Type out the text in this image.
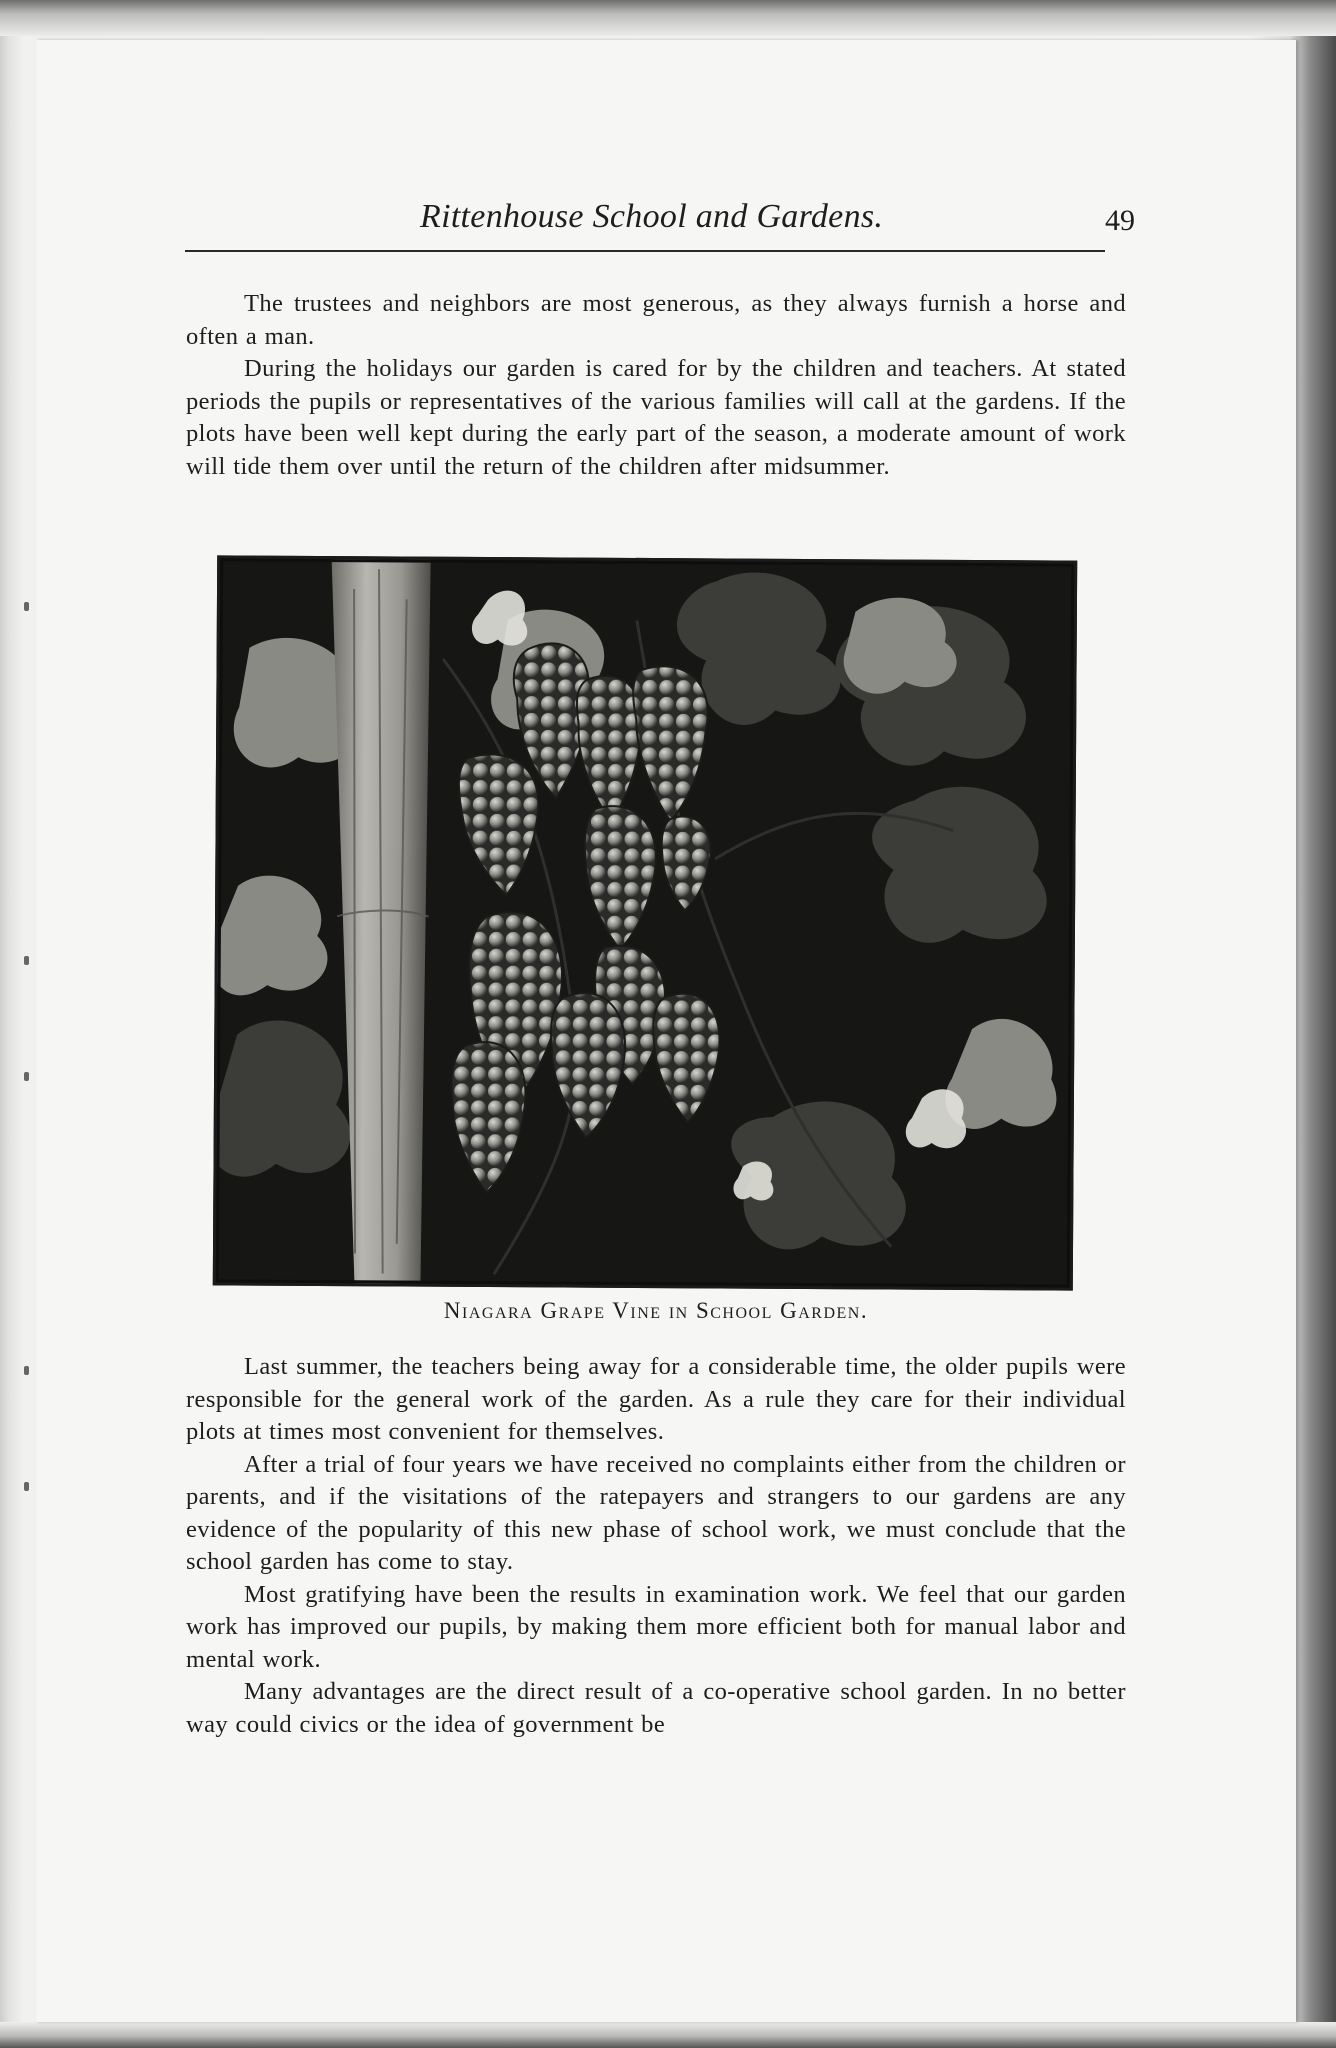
Rittenhouse School and Gardens.	49

The trustees and neighbors are most generous, as they always furnish a horse and often a man.

During the holidays our garden is cared for by the children and teachers. At stated periods the pupils or representatives of the various families will call at the gardens. If the plots have been well kept during the early part of the season, a moderate amount of work will tide them over until the return of the children after midsummer.

Niagara Grape Vine in School Garden.

Last summer, the teachers being away for a considerable time, the older pupils were responsible for the general work of the garden. As a rule they care for their individual plots at times most convenient for themselves.

After a trial of four years we have received no complaints either from the children or parents, and if the visitations of the ratepayers and strangers to our gardens are any evidence of the popularity of this new phase of school work, we must conclude that the school garden has come to stay.

Most gratifying have been the results in examination work. We feel that our garden work has improved our pupils, by making them more efficient both for manual labor and mental work.

Many advantages are the direct result of a co-operative school garden. In no better way could civics or the idea of government be
